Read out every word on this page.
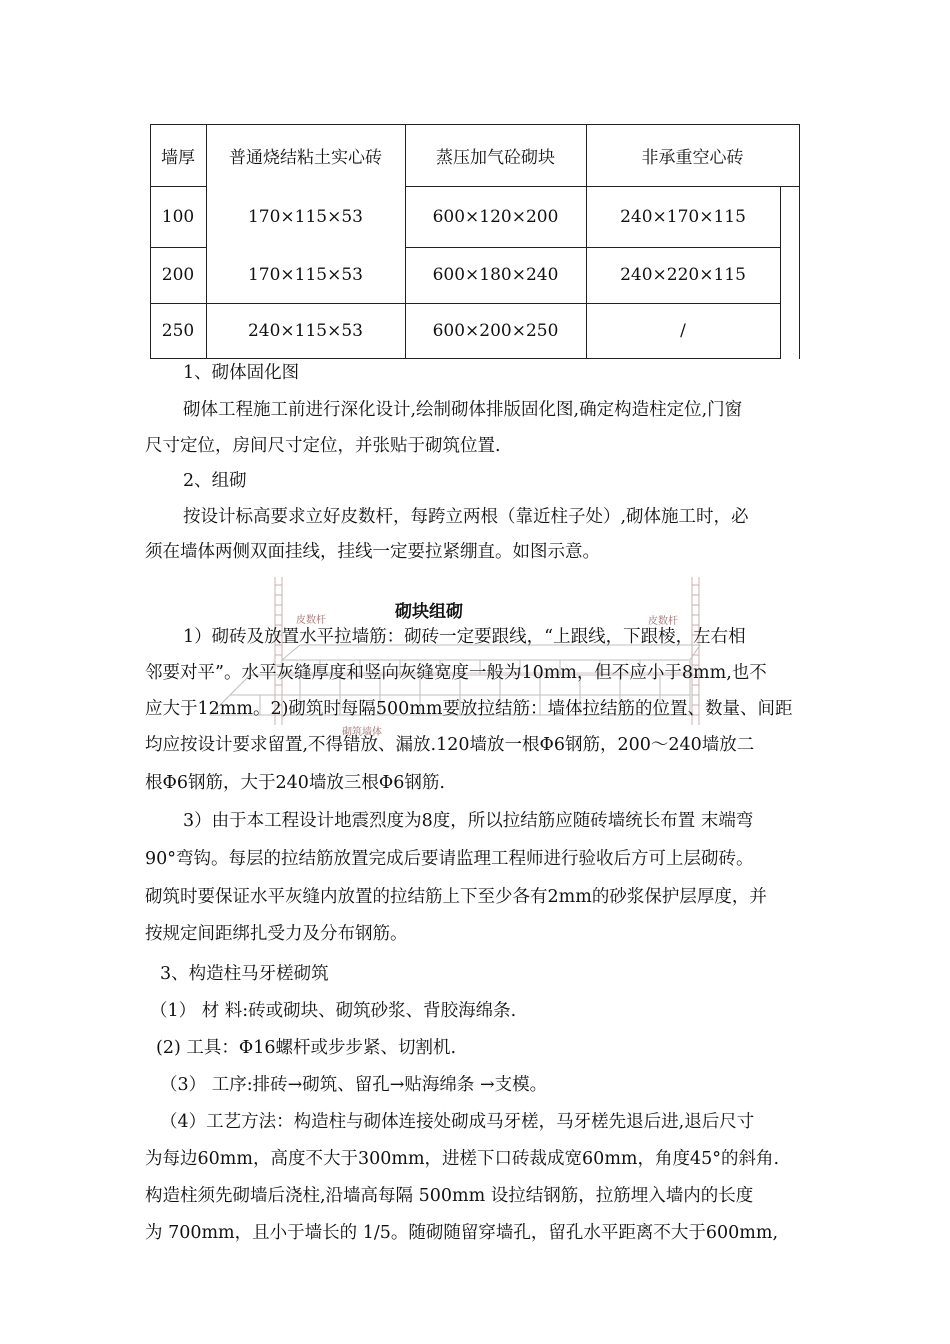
墙厚	普通烧结粘土实心砖	蒸压加气砼砌块	非承重空心砖
100	170×115×53	600×120×200	240×170×115
200	170×115×53	600×180×240	240×220×115
250	240×115×53	600×200×250	/
砌块组砌
皮数杆	皮数杆
砌筑墙体
1、砌体固化图
砌体工程施工前进行深化设计,绘制砌体排版固化图,确定构造柱定位,门窗
尺寸定位，房间尺寸定位，并张贴于砌筑位置.
2、组砌
按设计标高要求立好皮数杆，每跨立两根（靠近柱子处）,砌体施工时，必
须在墙体两侧双面挂线，挂线一定要拉紧绷直。如图示意。
1）砌砖及放置水平拉墙筋：砌砖一定要跟线，“上跟线，下跟棱，左右相
邻要对平”。水平灰缝厚度和竖向灰缝宽度一般为10mm，但不应小于8mm,也不
应大于12mm。2)砌筑时每隔500mm要放拉结筋：墙体拉结筋的位置、数量、间距
均应按设计要求留置,不得错放、漏放.120墙放一根Φ6钢筋，200～240墙放二
根Φ6钢筋，大于240墙放三根Φ6钢筋.
3）由于本工程设计地震烈度为8度，所以拉结筋应随砖墙统长布置 末端弯
90°弯钩。每层的拉结筋放置完成后要请监理工程师进行验收后方可上层砌砖。
砌筑时要保证水平灰缝内放置的拉结筋上下至少各有2mm的砂浆保护层厚度，并
按规定间距绑扎受力及分布钢筋。
3、构造柱马牙槎砌筑
（1） 材 料:砖或砌块、砌筑砂浆、背胶海绵条.
(2) 工具：Φ16螺杆或步步紧、切割机.
（3） 工序:排砖→砌筑、留孔→贴海绵条 →支模。
（4）工艺方法：构造柱与砌体连接处砌成马牙槎，马牙槎先退后进,退后尺寸
为每边60mm，高度不大于300mm，进槎下口砖裁成宽60mm，角度45°的斜角.
构造柱须先砌墙后浇柱,沿墙高每隔 500mm 设拉结钢筋，拉筋埋入墙内的长度
为 700mm，且小于墙长的 1/5。随砌随留穿墙孔，留孔水平距离不大于600mm,
